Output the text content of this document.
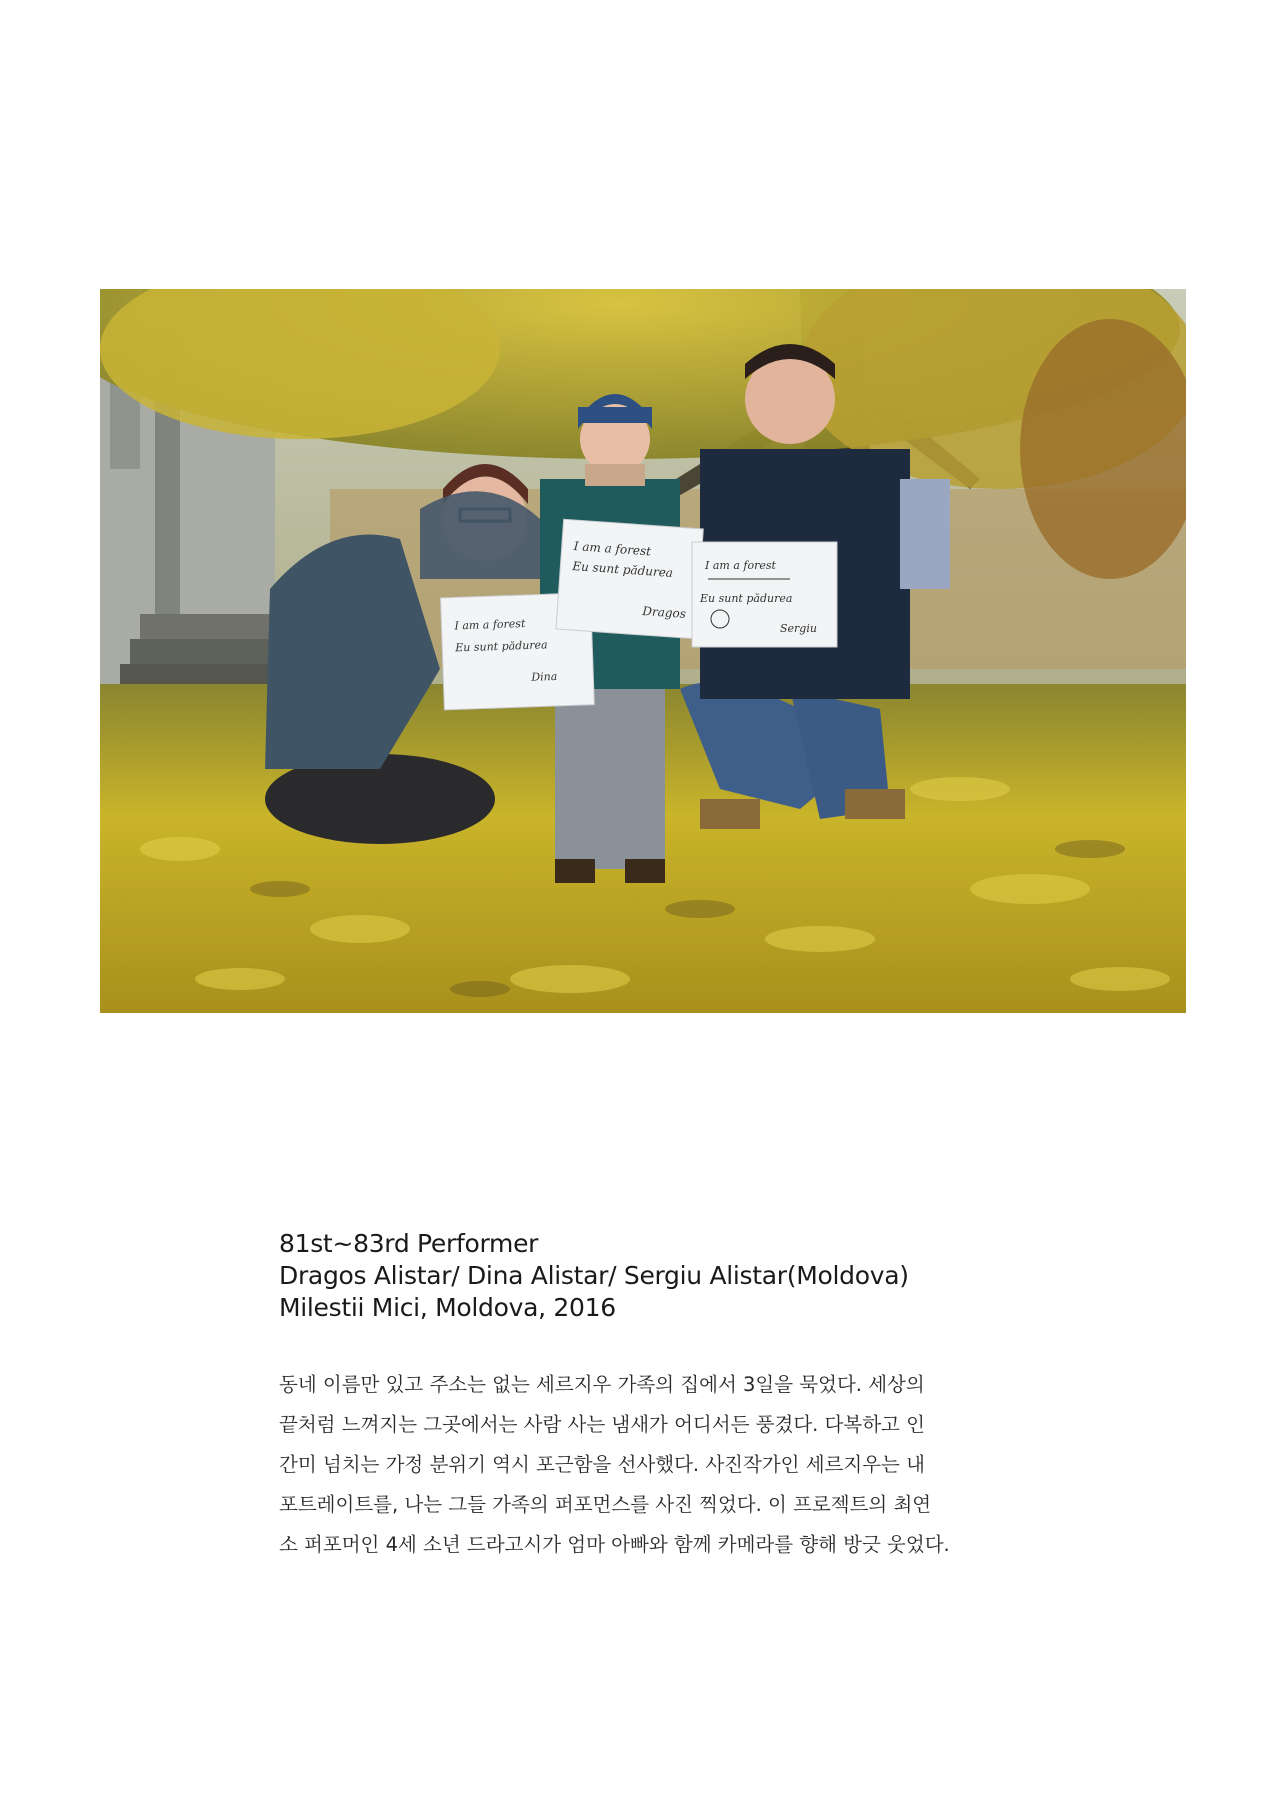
I am a forest
Eu sunt pădurea
Dina
I am a forest
Eu sunt pădurea
Dragos
I am a forest
Eu sunt pădurea
Sergiu
81st~83rd Performer
Dragos Alistar/ Dina Alistar/ Sergiu Alistar(Moldova)
Milestii Mici, Moldova, 2016
동네 이름만 있고 주소는 없는 세르지우 가족의 집에서 3일을 묵었다. 세상의
끝처럼 느껴지는 그곳에서는 사람 사는 냄새가 어디서든 풍겼다. 다복하고 인
간미 넘치는 가정 분위기 역시 포근함을 선사했다. 사진작가인 세르지우는 내
포트레이트를, 나는 그들 가족의 퍼포먼스를 사진 찍었다. 이 프로젝트의 최연
소 퍼포머인 4세 소년 드라고시가 엄마 아빠와 함께 카메라를 향해 방긋 웃었다.
